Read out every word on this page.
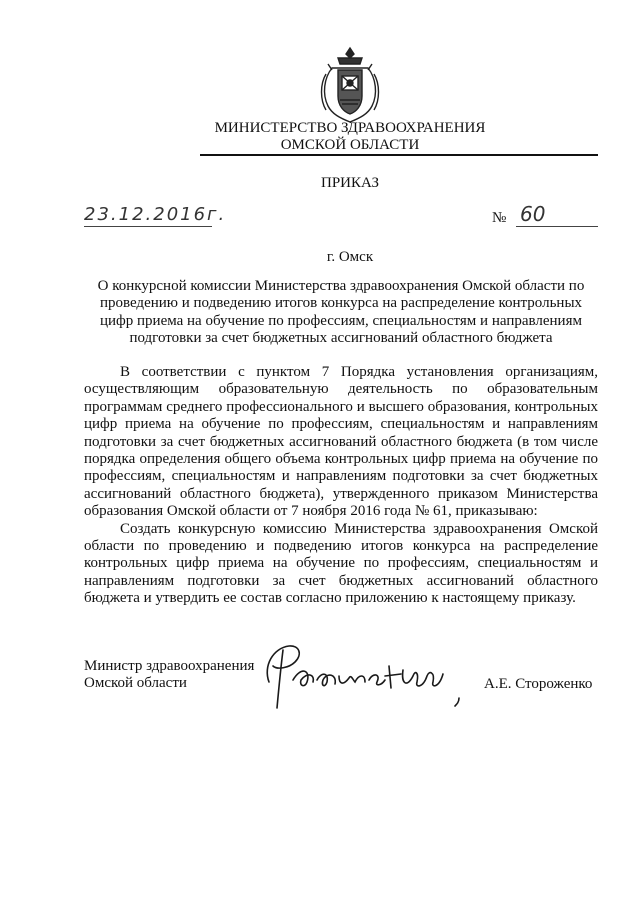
МИНИСТЕРСТВО ЗДРАВООХРАНЕНИЯ
ОМСКОЙ ОБЛАСТИ
ПРИКАЗ
23.12.2016г.	№ 60
г. Омск
О конкурсной комиссии Министерства здравоохранения Омской области по проведению и подведению итогов конкурса на распределение контрольных цифр приема на обучение по профессиям, специальностям и направлениям подготовки за счет бюджетных ассигнований областного бюджета

В соответствии с пунктом 7 Порядка установления организациям, осуществляющим образовательную деятельность по образовательным программам среднего профессионального и высшего образования, контрольных цифр приема на обучение по профессиям, специальностям и направлениям подготовки за счет бюджетных ассигнований областного бюджета (в том числе порядка определения общего объема контрольных цифр приема на обучение по профессиям, специальностям и направлениям подготовки за счет бюджетных ассигнований областного бюджета), утвержденного приказом Министерства образования Омской области от 7 ноября 2016 года № 61, приказываю:

Создать конкурсную комиссию Министерства здравоохранения Омской области по проведению и подведению итогов конкурса на распределение контрольных цифр приема на обучение по профессиям, специальностям и направлениям подготовки за счет бюджетных ассигнований областного бюджета и утвердить ее состав согласно приложению к настоящему приказу.

Министр здравоохранения
Омской области	А.Е. Стороженко
